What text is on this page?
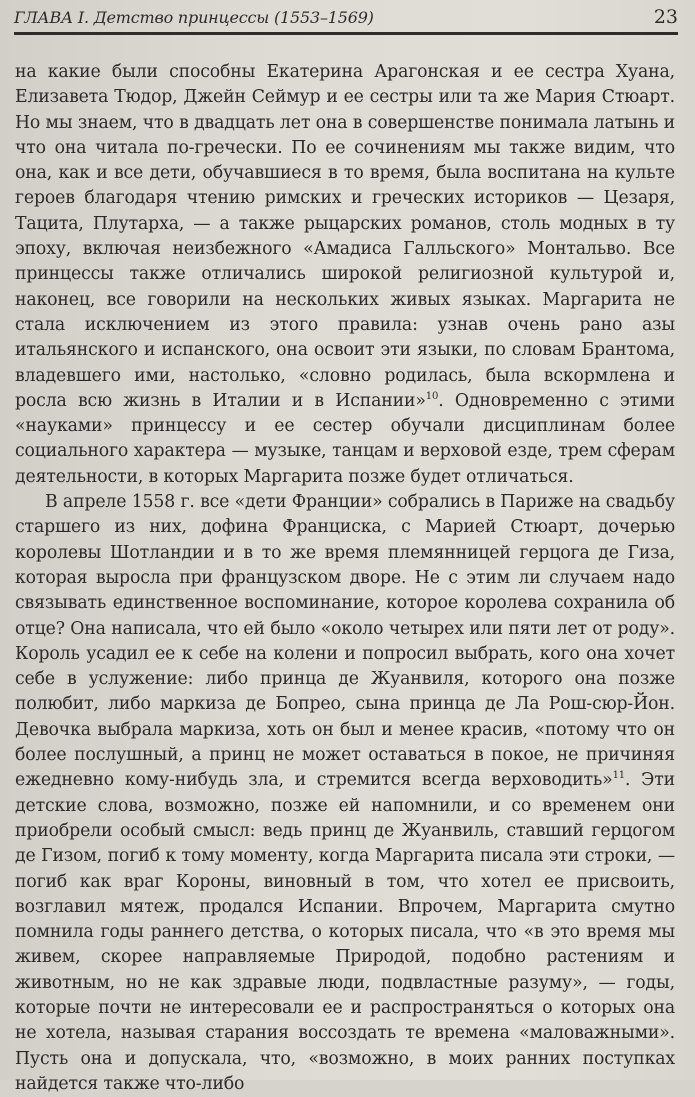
ГЛАВА I. Детство принцессы (1553–1569)	23

на какие были способны Екатерина Арагонская и ее сестра Хуана, Елизавета Тюдор, Джейн Сеймур и ее сестры или та же Мария Стюарт. Но мы знаем, что в двадцать лет она в совершенстве понимала латынь и что она читала по-гречески. По ее сочинениям мы также видим, что она, как и все дети, обучавшиеся в то время, была воспитана на культе героев благодаря чтению римских и греческих историков — Цезаря, Тацита, Плутарха, — а также рыцарских романов, столь модных в ту эпоху, включая неизбежного «Амадиса Галльского» Монтальво. Все принцессы также отличались широкой религиозной культурой и, наконец, все говорили на нескольких живых языках. Маргарита не стала исключением из этого правила: узнав очень рано азы итальянского и испанского, она освоит эти языки, по словам Брантома, владевшего ими, настолько, «словно родилась, была вскормлена и росла всю жизнь в Италии и в Испании»$^{10}$. Одновременно с этими «науками» принцессу и ее сестер обучали дисциплинам более социального характера — музыке, танцам и верховой езде, трем сферам деятельности, в которых Маргарита позже будет отличаться.

В апреле 1558 г. все «дети Франции» собрались в Париже на свадьбу старшего из них, дофина Франциска, с Марией Стюарт, дочерью королевы Шотландии и в то же время племянницей герцога де Гиза, которая выросла при французском дворе. Не с этим ли случаем надо связывать единственное воспоминание, которое королева сохранила об отце? Она написала, что ей было «около четырех или пяти лет от роду». Король усадил ее к себе на колени и попросил выбрать, кого она хочет себе в услужение: либо принца де Жуанвиля, которого она позже полюбит, либо маркиза де Бопрео, сына принца де Ла Рош-сюр-Йон. Девочка выбрала маркиза, хоть он был и менее красив, «потому что он более послушный, а принц не может оставаться в покое, не причиняя ежедневно кому-нибудь зла, и стремится всегда верховодить»$^{11}$. Эти детские слова, возможно, позже ей напомнили, и со временем они приобрели особый смысл: ведь принц де Жуанвиль, ставший герцогом де Гизом, погиб к тому моменту, когда Маргарита писала эти строки, — погиб как враг Короны, виновный в том, что хотел ее присвоить, возглавил мятеж, продался Испании. Впрочем, Маргарита смутно помнила годы раннего детства, о которых писала, что «в это время мы живем, скорее направляемые Природой, подобно растениям и животным, но не как здравые люди, подвластные разуму», — годы, которые почти не интересовали ее и распространяться о которых она не хотела, называя старания воссоздать те времена «маловажными». Пусть она и допускала, что, «возможно, в моих ранних поступках найдется также что-либо
